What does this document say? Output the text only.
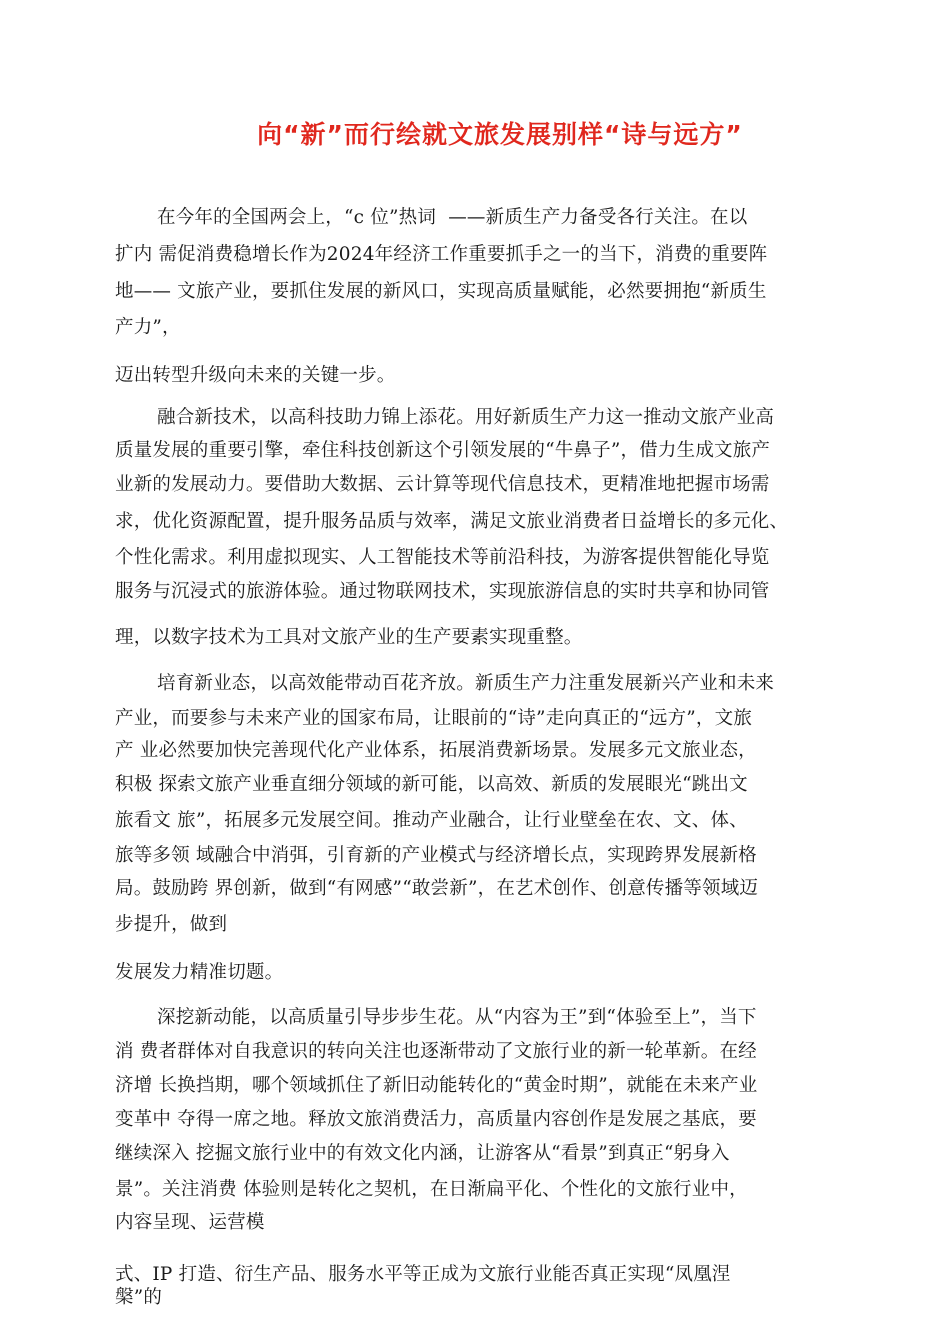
向“新”而行绘就文旅发展别样“诗与远方”
在今年的全国两会上，“c 位”热词  ——新质生产力备受各行关注。在以
扩内 需促消费稳增长作为2024年经济工作重要抓手之一的当下，消费的重要阵
地—— 文旅产业，要抓住发展的新风口，实现高质量赋能，必然要拥抱“新质生
产力”，
迈出转型升级向未来的关键一步。
融合新技术，以高科技助力锦上添花。用好新质生产力这一推动文旅产业高
质量发展的重要引擎，牵住科技创新这个引领发展的“牛鼻子”，借力生成文旅产
业新的发展动力。要借助大数据、云计算等现代信息技术，更精准地把握市场需
求，优化资源配置，提升服务品质与效率，满足文旅业消费者日益增长的多元化、
个性化需求。利用虚拟现实、人工智能技术等前沿科技，为游客提供智能化导览
服务与沉浸式的旅游体验。通过物联网技术，实现旅游信息的实时共享和协同管
理，以数字技术为工具对文旅产业的生产要素实现重整。
培育新业态，以高效能带动百花齐放。新质生产力注重发展新兴产业和未来
产业，而要参与未来产业的国家布局，让眼前的“诗”走向真正的“远方”，文旅
产 业必然要加快完善现代化产业体系，拓展消费新场景。发展多元文旅业态，
积极 探索文旅产业垂直细分领域的新可能，以高效、新质的发展眼光“跳出文
旅看文 旅”，拓展多元发展空间。推动产业融合，让行业壁垒在农、文、体、
旅等多领 域融合中消弭，引育新的产业模式与经济增长点，实现跨界发展新格
局。鼓励跨 界创新，做到“有网感”“敢尝新”，在艺术创作、创意传播等领域迈
步提升，做到
发展发力精准切题。
深挖新动能，以高质量引导步步生花。从“内容为王”到“体验至上”，当下
消 费者群体对自我意识的转向关注也逐渐带动了文旅行业的新一轮革新。在经
济增 长换挡期，哪个领域抓住了新旧动能转化的“黄金时期”，就能在未来产业
变革中 夺得一席之地。释放文旅消费活力，高质量内容创作是发展之基底，要
继续深入 挖掘文旅行业中的有效文化内涵，让游客从“看景”到真正“躬身入
景”。关注消费 体验则是转化之契机，在日渐扁平化、个性化的文旅行业中，
内容呈现、运营模
式、IP 打造、衍生产品、服务水平等正成为文旅行业能否真正实现“凤凰涅
槃”的
